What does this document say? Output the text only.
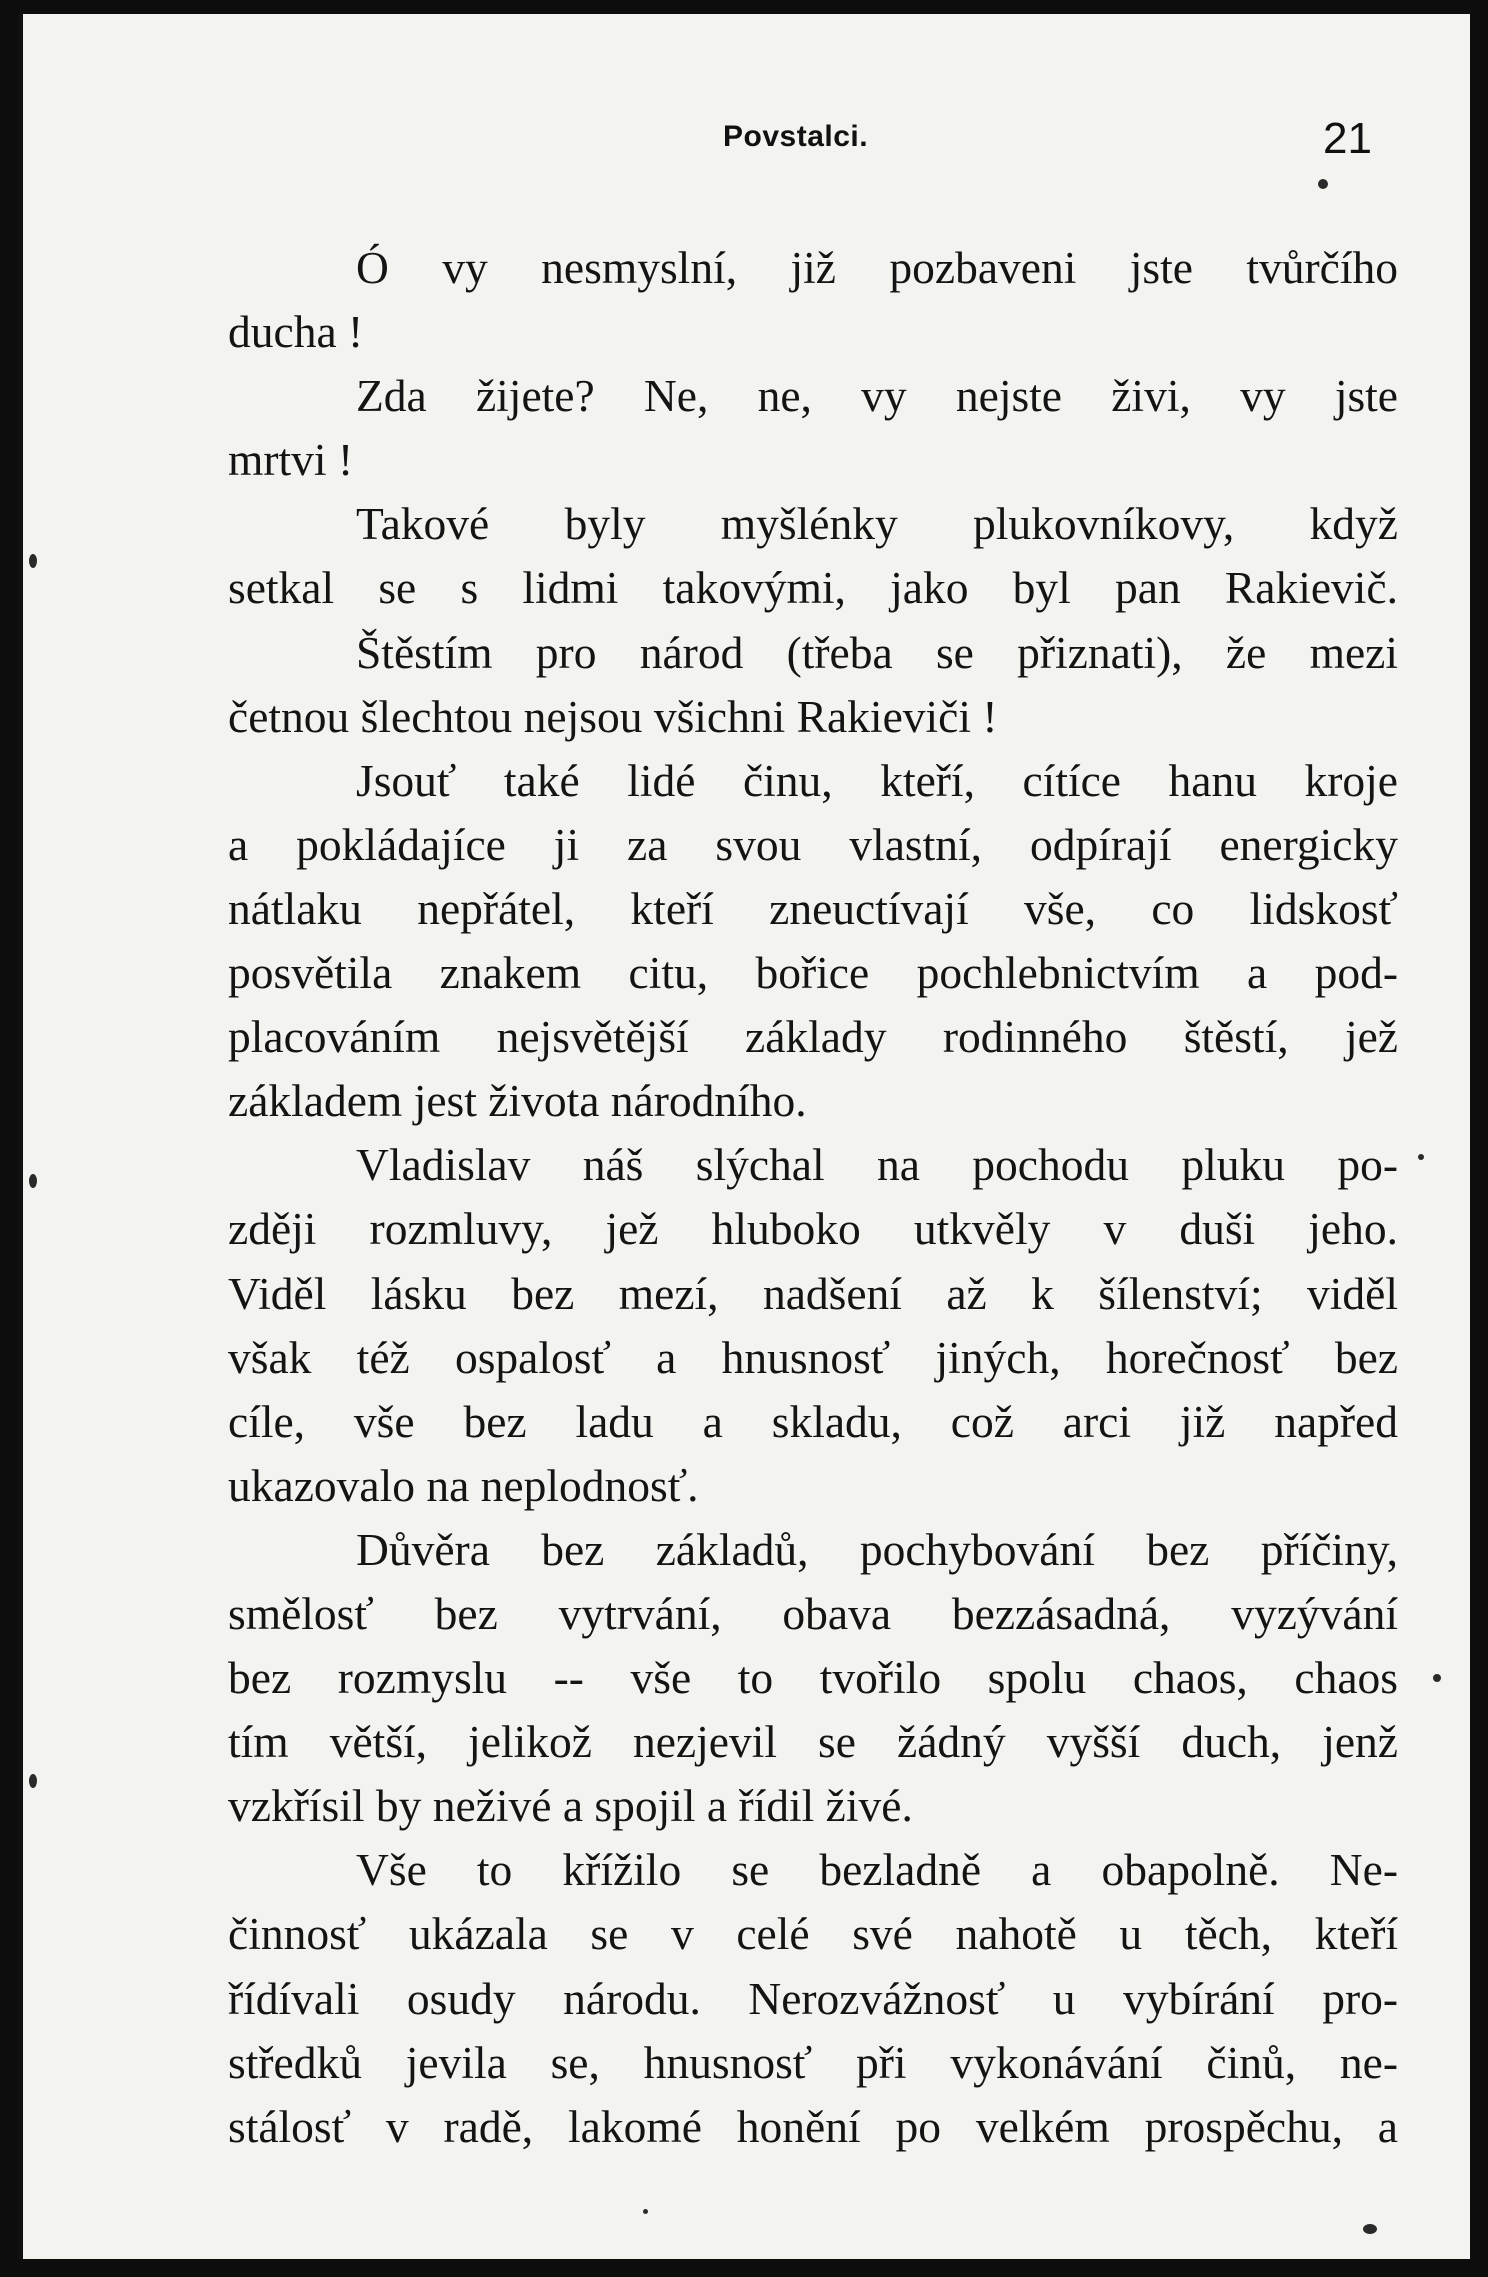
Povstalci.	21
Ó vy nesmyslní, již pozbaveni jste tvůrčího
ducha !
Zda žijete? Ne, ne, vy nejste živi, vy jste
mrtvi !
Takové byly myšlénky plukovníkovy, když
setkal se s lidmi takovými, jako byl pan Rakievič.
Štěstím pro národ (třeba se přiznati), že mezi
četnou šlechtou nejsou všichni Rakieviči !
Jsouť také lidé činu, kteří, cítíce hanu kroje
a pokládajíce ji za svou vlastní, odpírají energicky
nátlaku nepřátel, kteří zneuctívají vše, co lidskosť
posvětila znakem citu, bořice pochlebnictvím a pod-
placováním nejsvětější základy rodinného štěstí, jež
základem jest života národního.
Vladislav náš slýchal na pochodu pluku po-
zději rozmluvy, jež hluboko utkvěly v duši jeho.
Viděl lásku bez mezí, nadšení až k šílenství; viděl
však též ospalosť a hnusnosť jiných, horečnosť bez
cíle, vše bez ladu a skladu, což arci již napřed
ukazovalo na neplodnosť.
Důvěra bez základů, pochybování bez příčiny,
smělosť bez vytrvání, obava bezzásadná, vyzývání
bez rozmyslu -- vše to tvořilo spolu chaos, chaos
tím větší, jelikož nezjevil se žádný vyšší duch, jenž
vzkřísil by neživé a spojil a řídil živé.
Vše to křížilo se bezladně a obapolně. Ne-
činnosť ukázala se v celé své nahotě u těch, kteří
řídívali osudy národu. Nerozvážnosť u vybírání pro-
středků jevila se, hnusnosť při vykonávání činů, ne-
stálosť v radě, lakomé honění po velkém prospěchu, a
